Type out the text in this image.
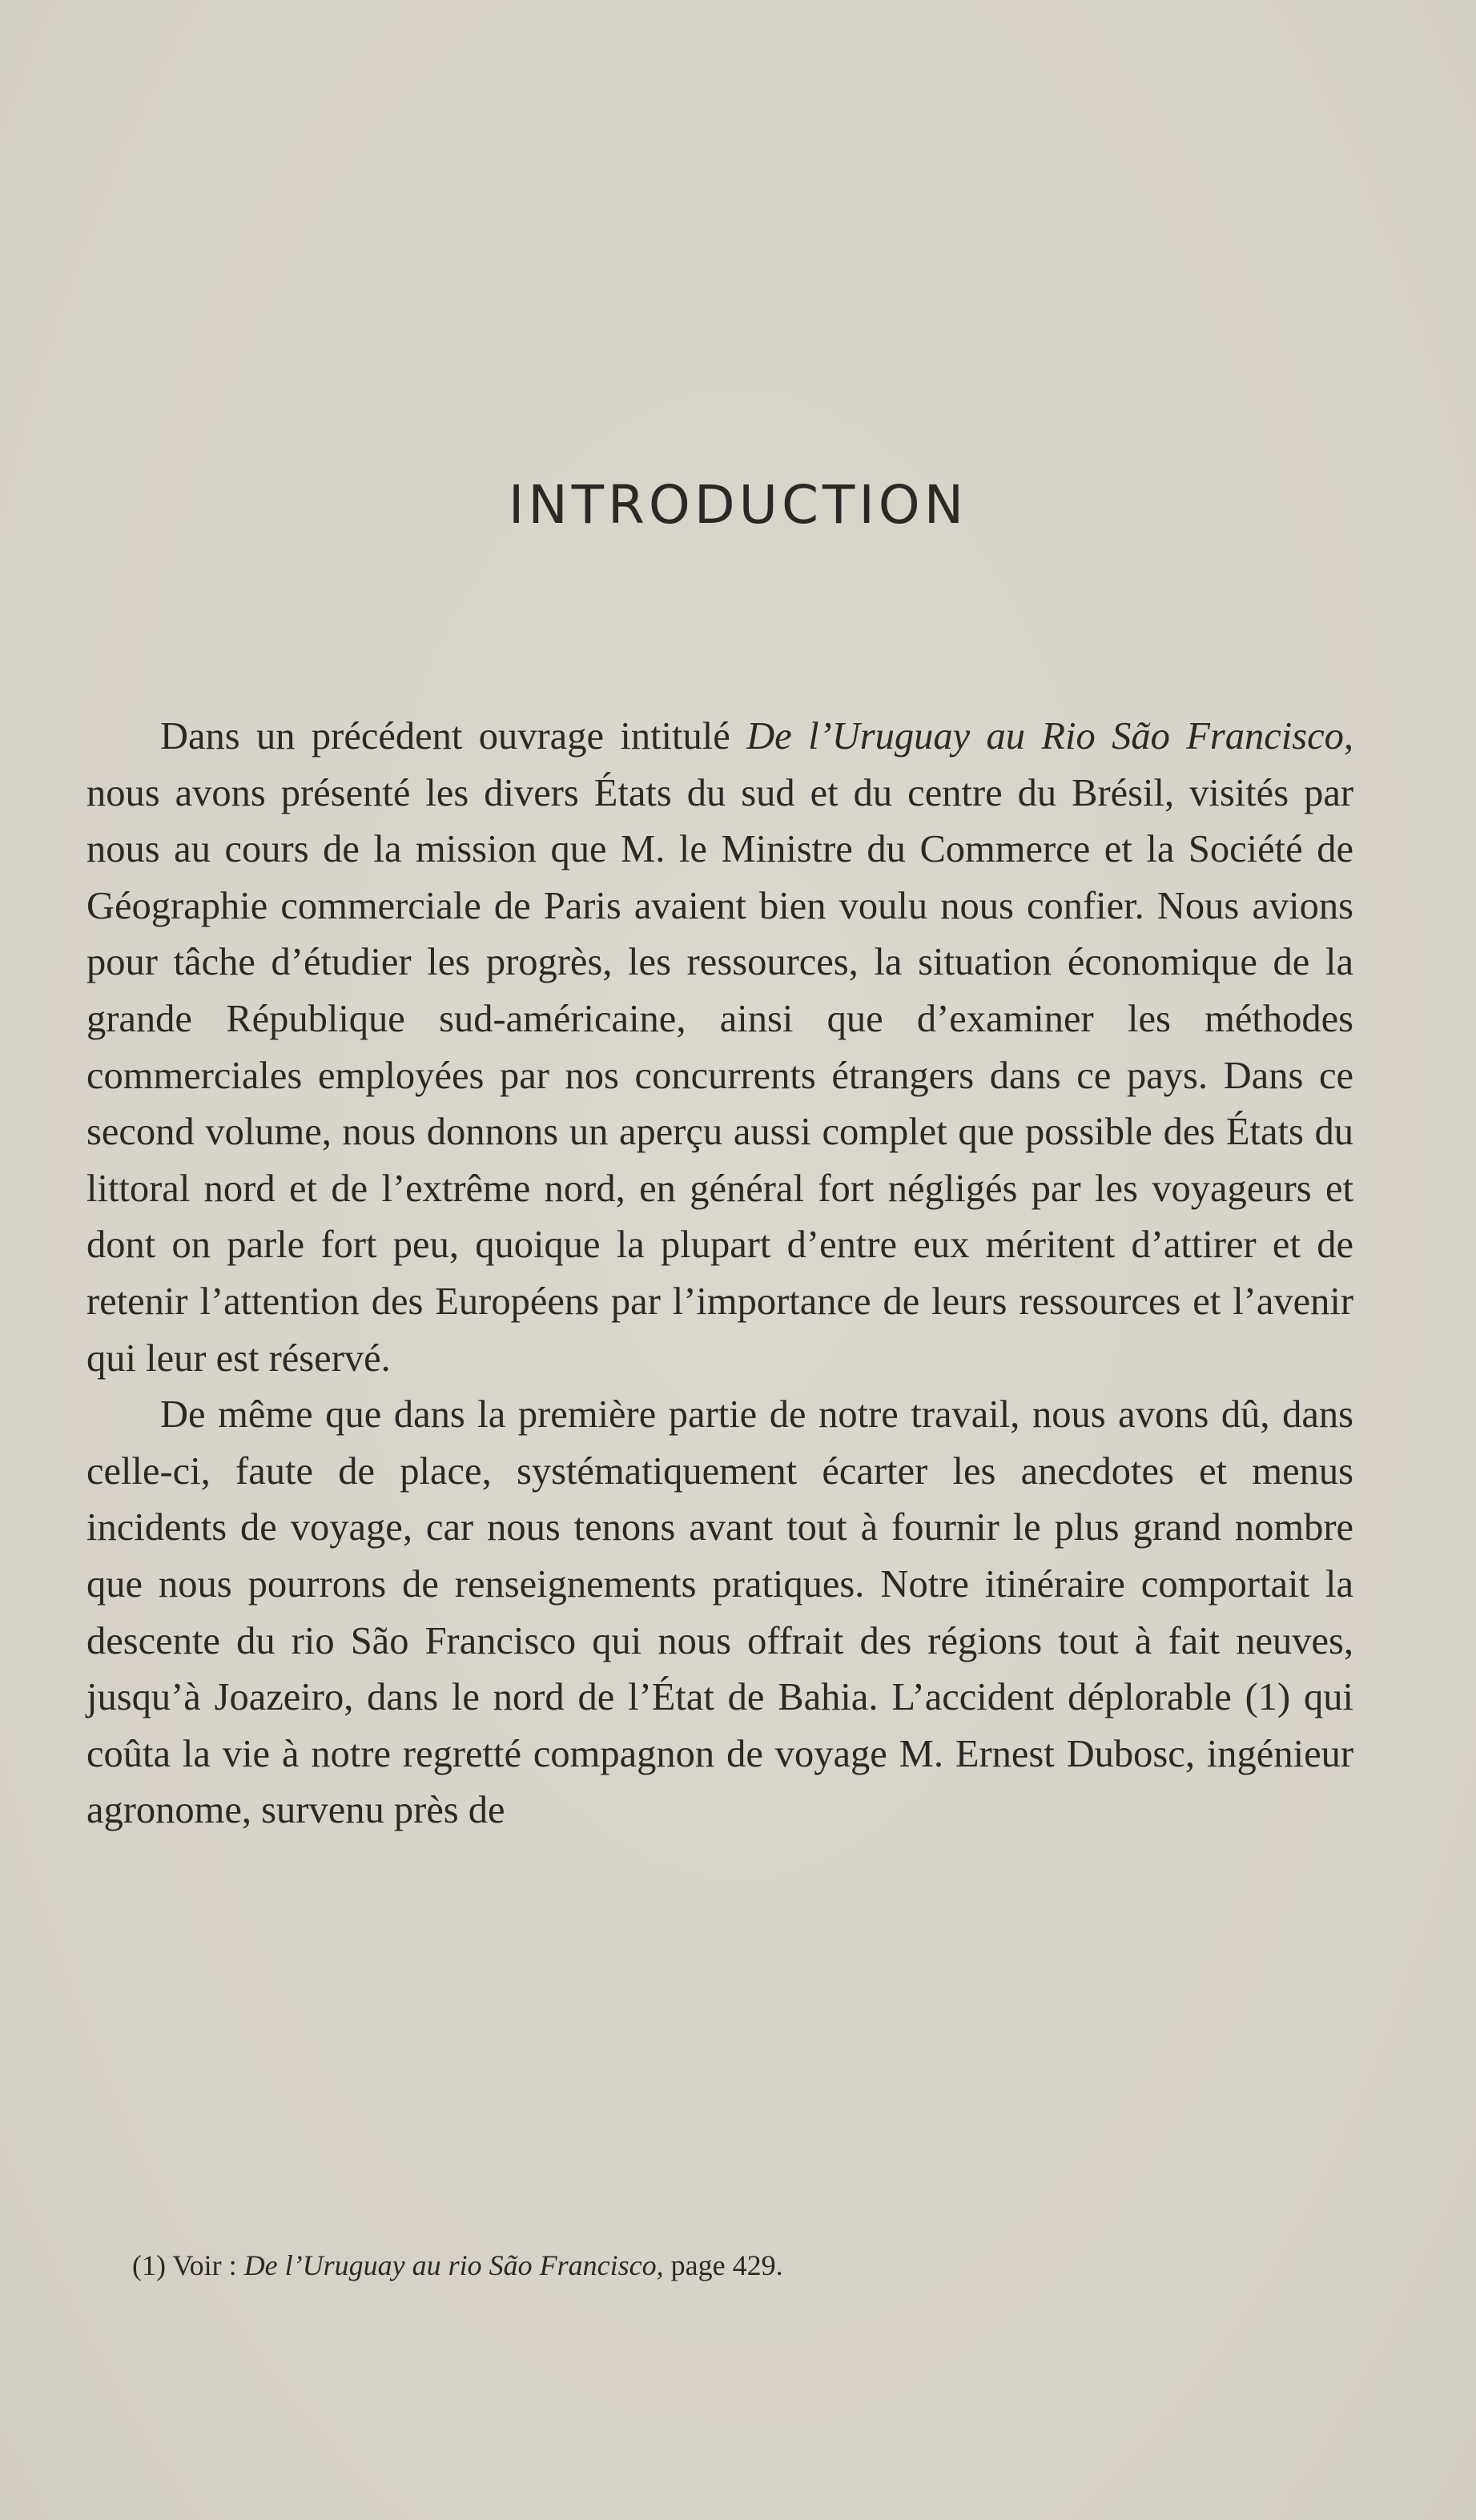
INTRODUCTION

Dans un précédent ouvrage intitulé De l’Uruguay au Rio São Francisco, nous avons présenté les divers États du sud et du centre du Brésil, visités par nous au cours de la mission que M. le Ministre du Commerce et la Société de Géographie commerciale de Paris avaient bien voulu nous confier. Nous avions pour tâche d’étudier les progrès, les ressources, la situation économique de la grande République sud-américaine, ainsi que d’examiner les méthodes commerciales employées par nos concurrents étrangers dans ce pays. Dans ce second volume, nous donnons un aperçu aussi complet que possible des États du littoral nord et de l’extrême nord, en général fort négligés par les voyageurs et dont on parle fort peu, quoique la plupart d’entre eux méritent d’attirer et de retenir l’attention des Européens par l’importance de leurs ressources et l’avenir qui leur est réservé.

De même que dans la première partie de notre travail, nous avons dû, dans celle-ci, faute de place, systématiquement écarter les anecdotes et menus incidents de voyage, car nous tenons avant tout à fournir le plus grand nombre que nous pourrons de renseignements pratiques. Notre itinéraire comportait la descente du rio São Francisco qui nous offrait des régions tout à fait neuves, jusqu’à Joazeiro, dans le nord de l’État de Bahia. L’accident déplorable (1) qui coûta la vie à notre regretté compagnon de voyage M. Ernest Dubosc, ingénieur agronome, survenu près de

(1) Voir : De l’Uruguay au rio São Francisco, page 429.
